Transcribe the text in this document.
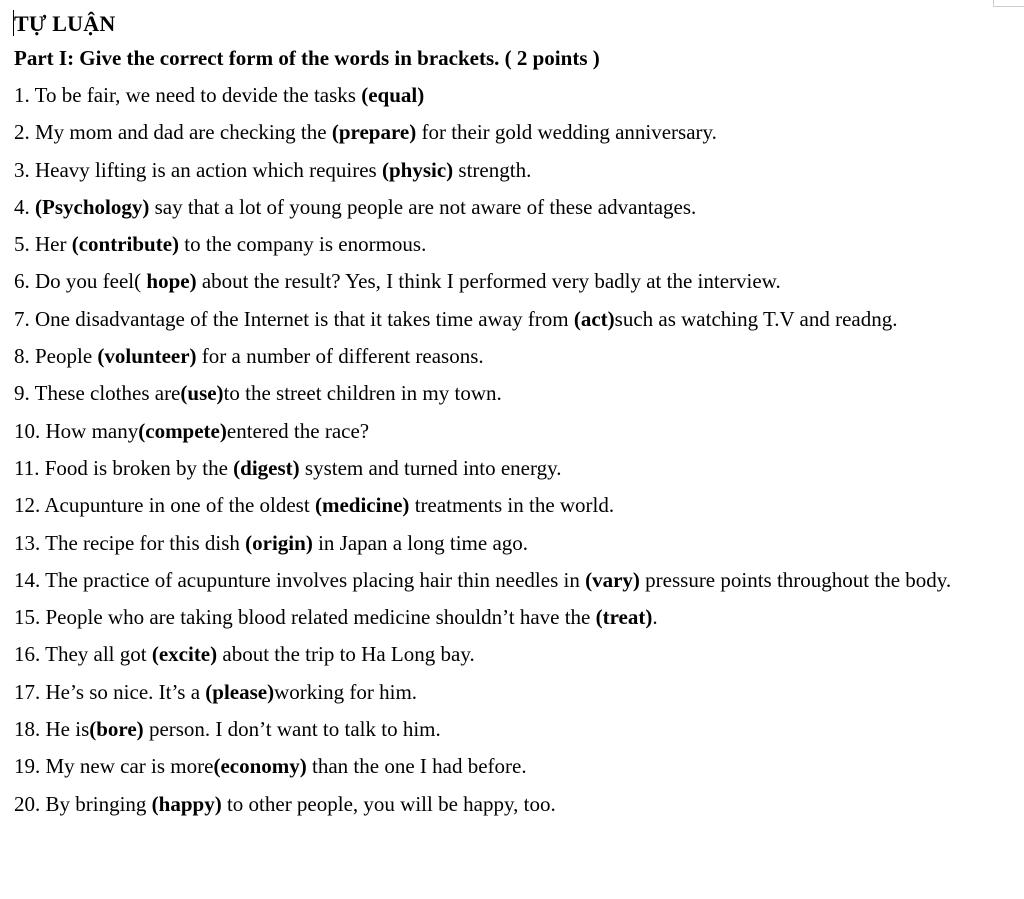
TỰ LUẬN

Part I: Give the correct form of the words in brackets. ( 2 points )

1. To be fair, we need to devide the tasks (equal)

2. My mom and dad are checking the (prepare) for their gold wedding anniversary.

3. Heavy lifting is an action which requires (physic) strength.

4. (Psychology) say that a lot of young people are not aware of these advantages.

5. Her (contribute) to the company is enormous.

6. Do you feel( hope) about the result? Yes, I think I performed very badly at the interview.

7. One disadvantage of the Internet is that it takes time away from (act)such as watching T.V and readng.

8. People (volunteer) for a number of different reasons.

9. These clothes are(use)to the street children in my town.

10. How many(compete)entered the race?

11. Food is broken by the (digest) system and turned into energy.

12. Acupunture in one of the oldest (medicine) treatments in the world.

13. The recipe for this dish (origin) in Japan a long time ago.

14. The practice of acupunture involves placing hair thin needles in (vary) pressure points throughout the body.

15. People who are taking blood related medicine shouldn’t have the (treat).

16. They all got (excite) about the trip to Ha Long bay.

17. He’s so nice. It’s a (please)working for him.

18. He is(bore) person. I don’t want to talk to him.

19. My new car is more(economy) than the one I had before.

20. By bringing (happy) to other people, you will be happy, too.
